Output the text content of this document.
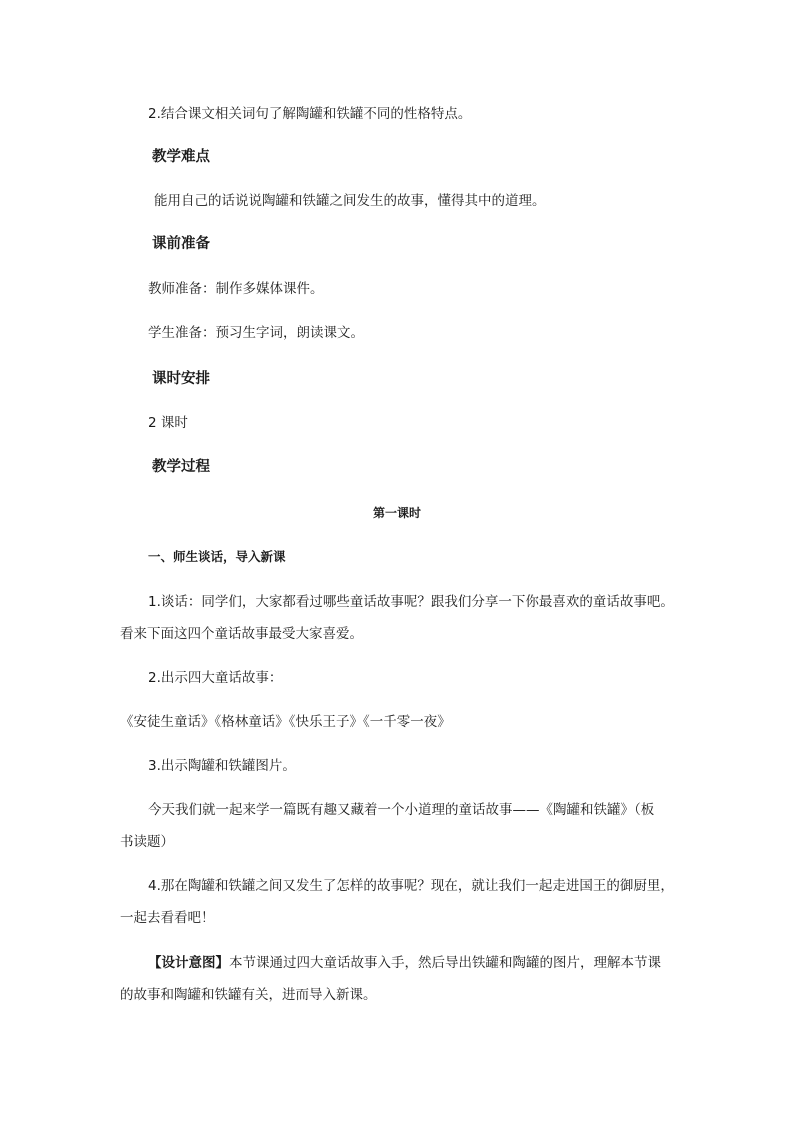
2.结合课文相关词句了解陶罐和铁罐不同的性格特点。
教学难点
能用自己的话说说陶罐和铁罐之间发生的故事，懂得其中的道理。
课前准备
教师准备：制作多媒体课件。
学生准备：预习生字词，朗读课文。
课时安排
2 课时
教学过程
第一课时
一、师生谈话，导入新课
1.谈话：同学们，大家都看过哪些童话故事呢？跟我们分享一下你最喜欢的童话故事吧。
看来下面这四个童话故事最受大家喜爱。
2.出示四大童话故事：
《安徒生童话》《格林童话》《快乐王子》《一千零一夜》
3.出示陶罐和铁罐图片。
今天我们就一起来学一篇既有趣又藏着一个小道理的童话故事——《陶罐和铁罐》（板
书读题）
4.那在陶罐和铁罐之间又发生了怎样的故事呢？现在，就让我们一起走进国王的御厨里，
一起去看看吧！
【设计意图】本节课通过四大童话故事入手，然后导出铁罐和陶罐的图片，理解本节课
的故事和陶罐和铁罐有关，进而导入新课。
